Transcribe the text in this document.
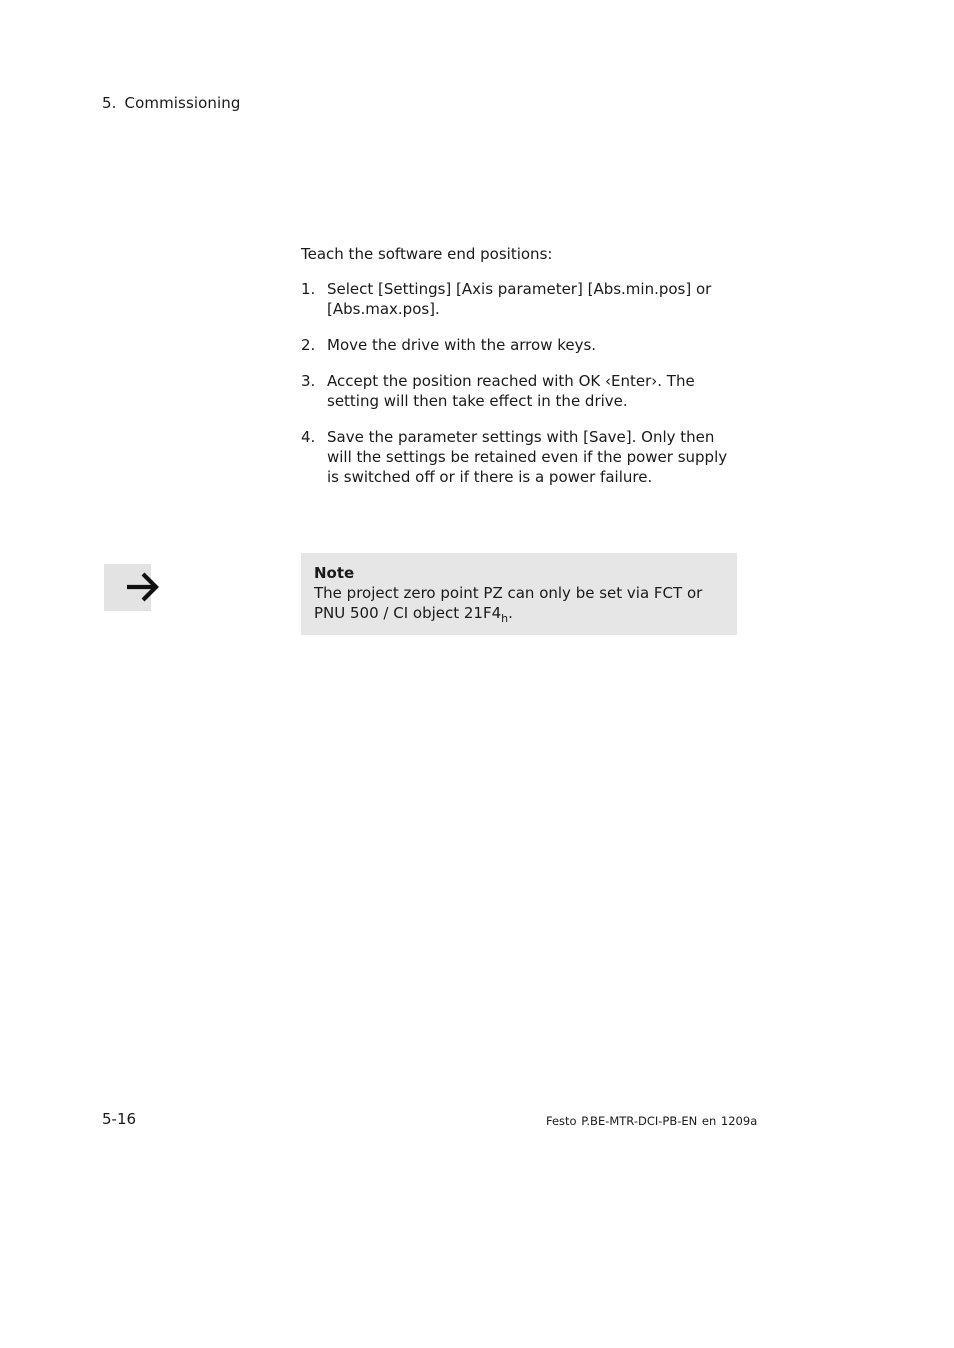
5. Commissioning

Teach the software end positions:

1. Select [Settings] [Axis parameter] [Abs.min.pos] or [Abs.max.pos].
2. Move the drive with the arrow keys.
3. Accept the position reached with OK ‹Enter›. The setting will then take effect in the drive.
4. Save the parameter settings with [Save]. Only then will the settings be retained even if the power supply is switched off or if there is a power failure.
Note
The project zero point PZ can only be set via FCT or
PNU 500 / CI object $21F4_h$.
5-16	Festo P.BE-MTR-DCI-PB-EN en 1209a
